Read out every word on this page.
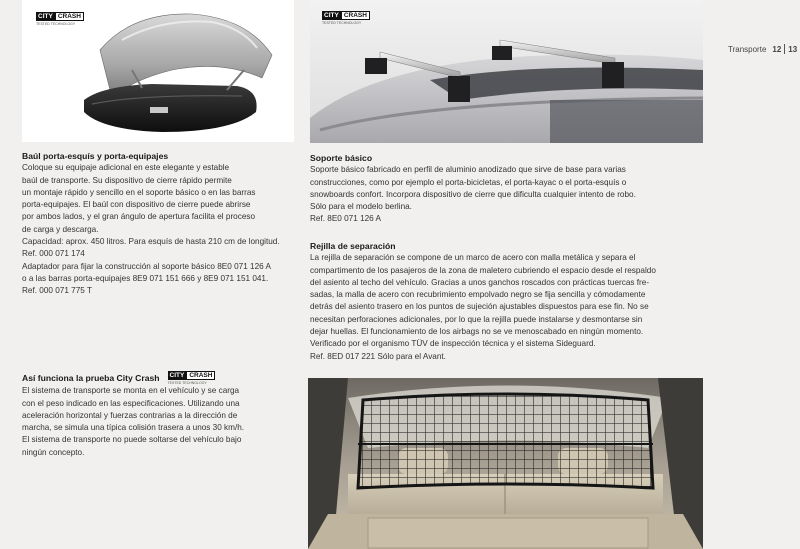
Transporte 12 13
CITY CRASH
TESTED TECHNOLOGY
CITY CRASH
TESTED TECHNOLOGY

Baúl porta-esquís y porta-equipajes

Coloque su equipaje adicional en este elegante y estable

baúl de transporte. Su dispositivo de cierre rápido permite

un montaje rápido y sencillo en el soporte básico o en las barras

porta-equipajes. El baúl con dispositivo de cierre puede abrirse

por ambos lados, y el gran ángulo de apertura facilita el proceso

de carga y descarga.

Capacidad: aprox. 450 litros. Para esquís de hasta 210 cm de longitud.

Ref. 000 071 174

Adaptador para fijar la construcción al soporte básico 8E0 071 126 A

o a las barras porta-equipajes 8E9 071 151 666 y 8E9 071 151 041.

Ref. 000 071 775 T

Así funciona la prueba City Crash	CITY CRASH
TESTED TECHNOLOGY

El sistema de transporte se monta en el vehículo y se carga

con el peso indicado en las especificaciones. Utilizando una

aceleración horizontal y fuerzas contrarias a la dirección de

marcha, se simula una típica colisión trasera a unos 30 km/h.

El sistema de transporte no puede soltarse del vehículo bajo

ningún concepto.

Soporte básico

Soporte básico fabricado en perfil de aluminio anodizado que sirve de base para varias

construcciones, como por ejemplo el porta-bicicletas, el porta-kayac o el porta-esquís o

snowboards confort. Incorpora dispositivo de cierre que dificulta cualquier intento de robo.

Sólo para el modelo berlina.

Ref. 8E0 071 126 A

Rejilla de separación

La rejilla de separación se compone de un marco de acero con malla metálica y separa el

compartimento de los pasajeros de la zona de maletero cubriendo el espacio desde el respaldo

del asiento al techo del vehículo. Gracias a unos ganchos roscados con prácticas tuercas fre-

sadas, la malla de acero con recubrimiento empolvado negro se fija sencilla y cómodamente

detrás del asiento trasero en los puntos de sujeción ajustables dispuestos para ese fin. No se

necesitan perforaciones adicionales, por lo que la rejilla puede instalarse y desmontarse sin

dejar huellas. El funcionamiento de los airbags no se ve menoscabado en ningún momento.

Verificado por el organismo TÜV de inspección técnica y el sistema Sideguard.

Ref. 8ED 017 221 Sólo para el Avant.
